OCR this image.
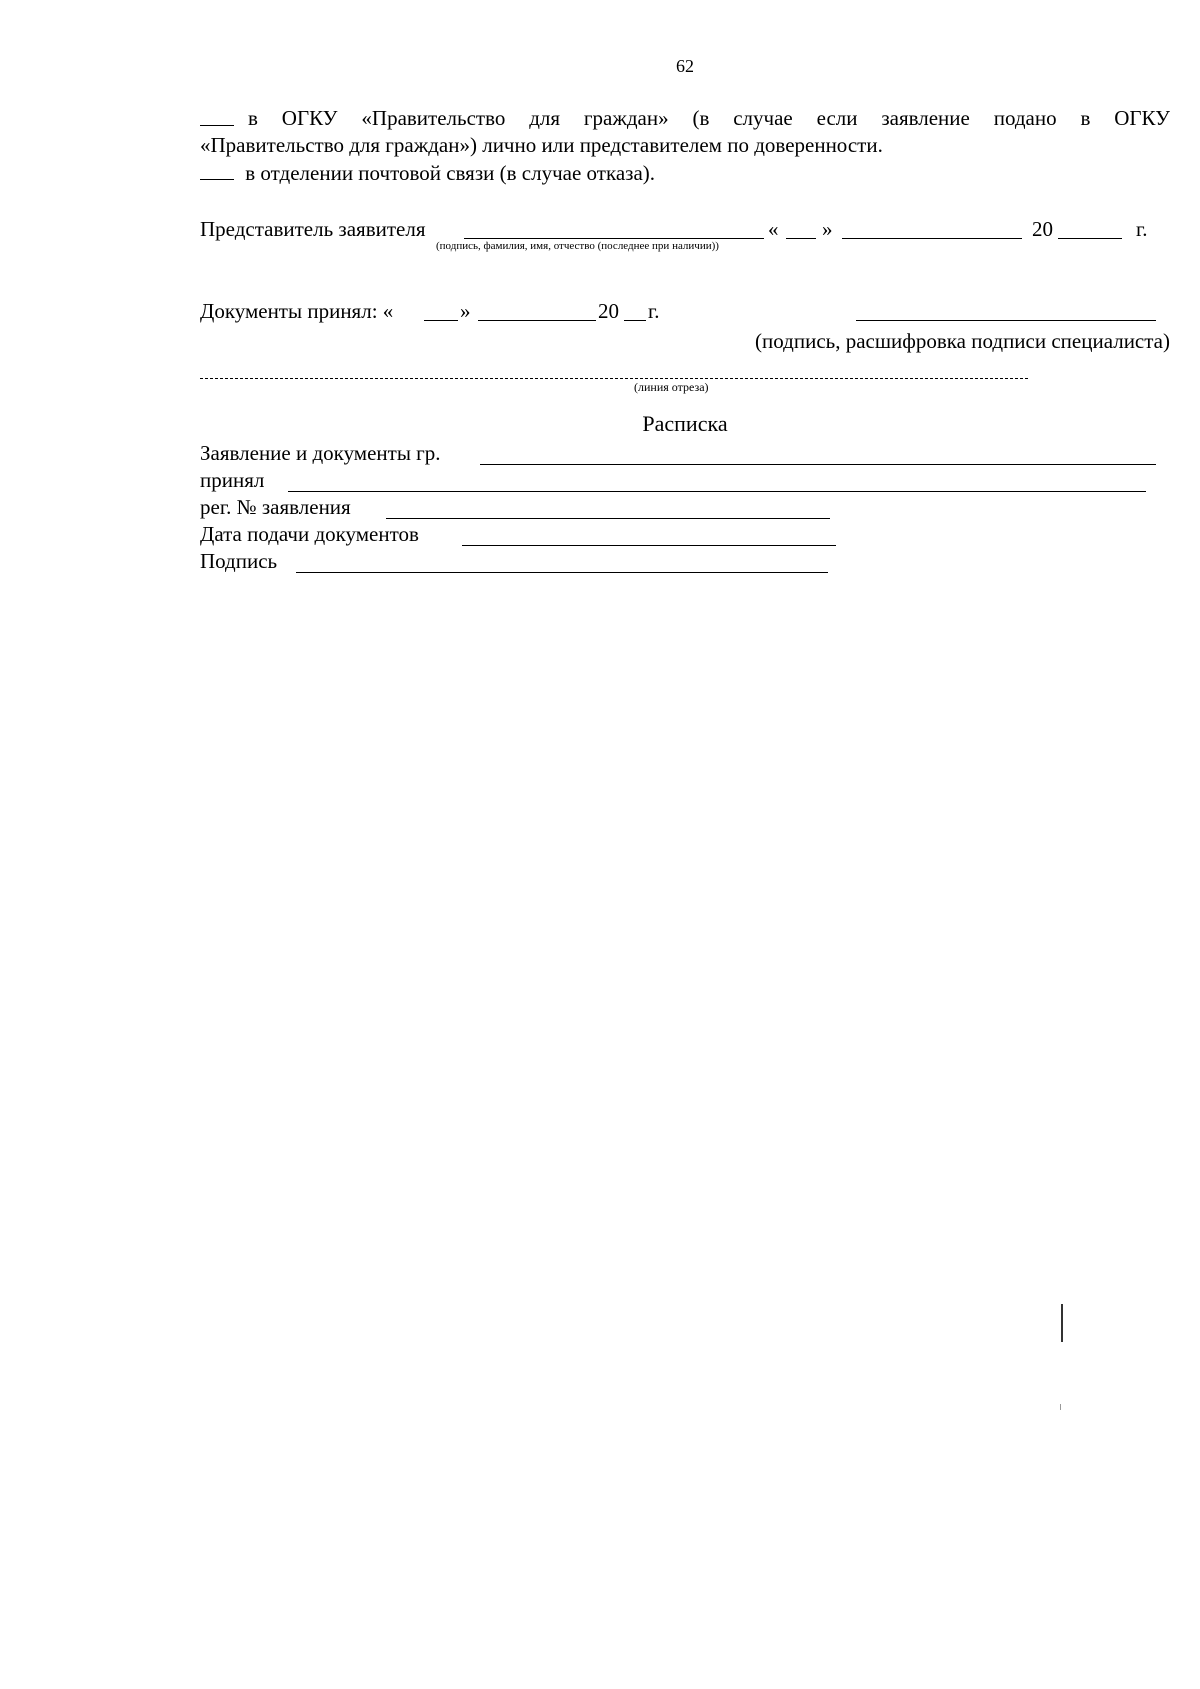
62
в ОГКУ «Правительство для граждан» (в случае если заявление подано в ОГКУ
«Правительство для граждан») лично или представителем по доверенности.
в отделении почтовой связи (в случае отказа).
Представитель заявителя	« »	20	г.
(подпись, фамилия, имя, отчество (последнее при наличии))
Документы принял: «	»	20 г.
(подпись, расшифровка подписи специалиста)
(линия отреза)
Расписка
Заявление и документы гр.
принял
рег. № заявления
Дата подачи документов
Подпись
